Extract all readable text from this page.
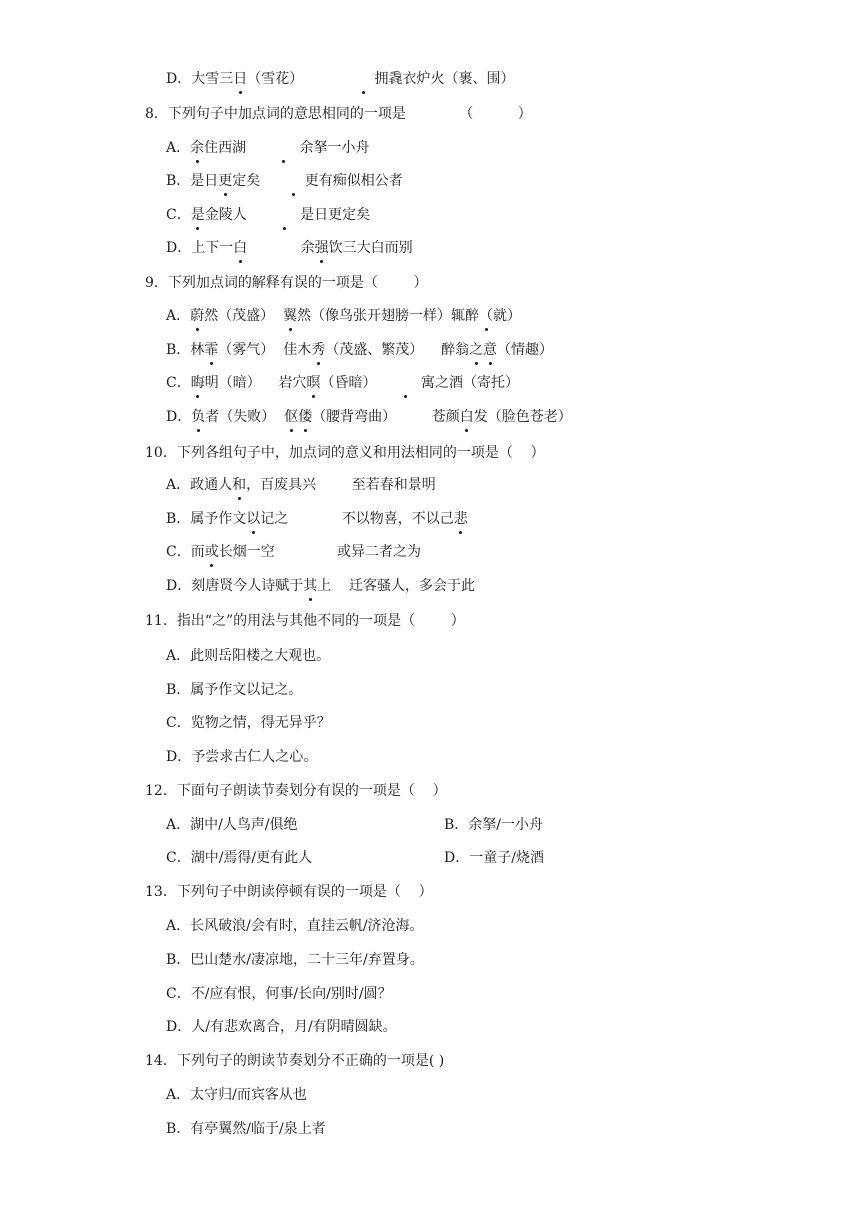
D．大雪三日（雪花）                拥毳衣炉火（裹、围）
8．下列句子中加点词的意思相同的一项是            （          ）
A．余住西湖            余拏一小舟
B．是日更定矣          更有痴似相公者
C．是金陵人            是日更定矣
D．上下一白            余强饮三大白而别
9．下列加点词的解释有误的一项是（        ）
A．蔚然（茂盛）  翼然（像鸟张开翅膀一样）辄醉（就）
B．林霏（雾气）  佳木秀（茂盛、繁茂）    醉翁之意（情趣）
C．晦明（暗）    岩穴暝（昏暗）          寓之酒（寄托）
D．负者（失败）  伛偻（腰背弯曲）        苍颜白发（脸色苍老）
10．下列各组句子中，加点词的意义和用法相同的一项是（    ）
A．政通人和，百废具兴        至若春和景明
B．属予作文以记之            不以物喜，不以己悲
C．而或长烟一空              或异二者之为
D．刻唐贤今人诗赋于其上    迁客骚人，多会于此
11．指出“之”的用法与其他不同的一项是（        ）
A．此则岳阳楼之大观也。
B．属予作文以记之。
C．览物之情，得无异乎？
D．予尝求古仁人之心。
12．下面句子朗读节奏划分有误的一项是（    ）
A．湖中/人鸟声/俱绝	B．余拏/一小舟
C．湖中/焉得/更有此人	D．一童子/烧酒
13．下列句子中朗读停顿有误的一项是（    ）
A．长风破浪/会有时，直挂云帆/济沧海。
B．巴山楚水/凄凉地，二十三年/弃置身。
C．不/应有恨，何事/长向/别时/圆？
D．人/有悲欢离合，月/有阴晴圆缺。
14．下列句子的朗读节奏划分不正确的一项是( )
A．太守归/而宾客从也
B．有亭翼然/临于/泉上者
